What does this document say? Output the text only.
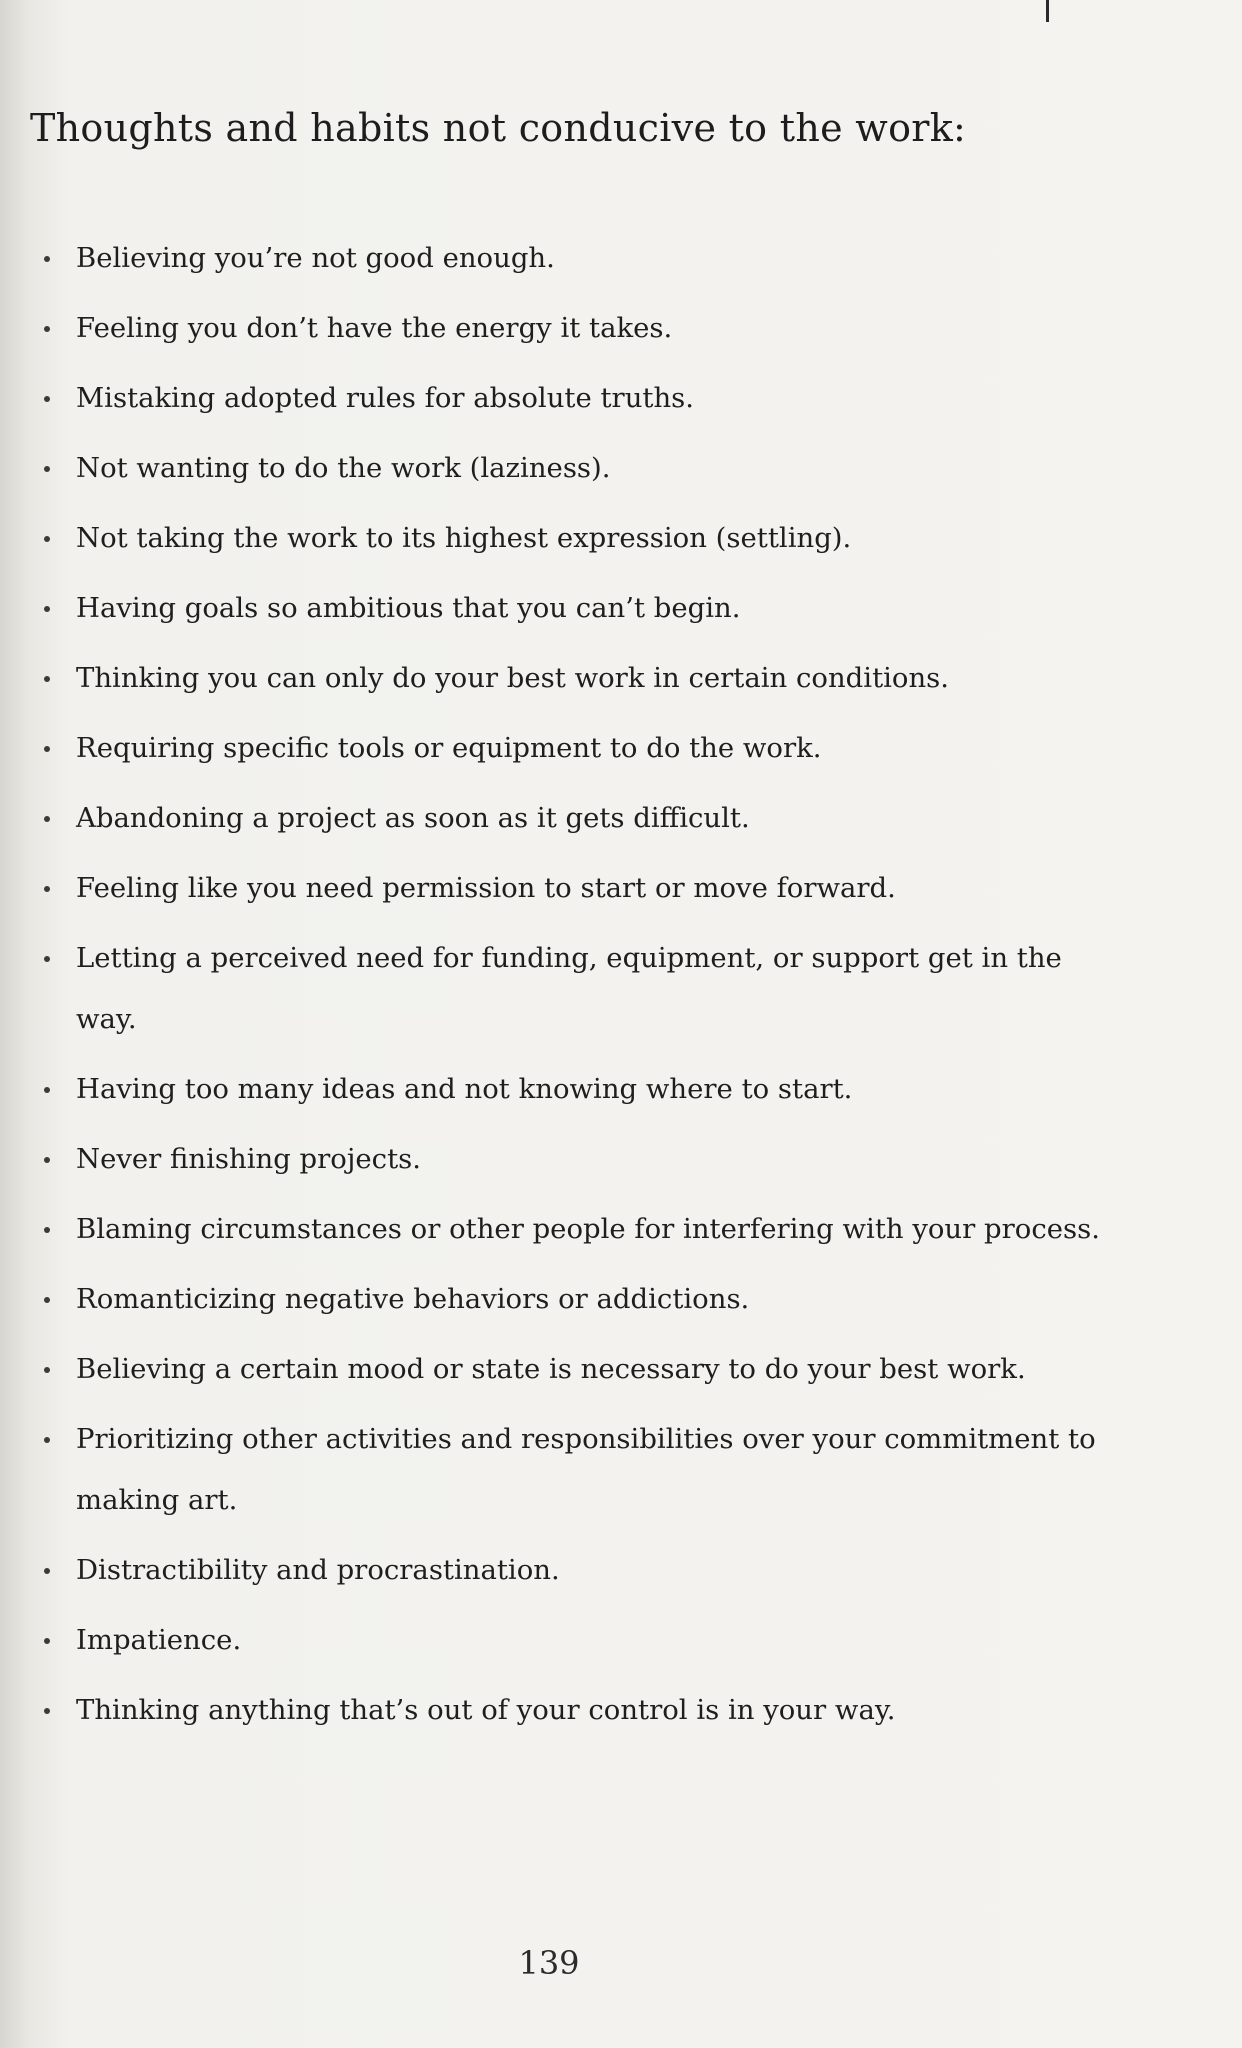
Thoughts and habits not conducive to the work:
Believing you’re not good enough.
Feeling you don’t have the energy it takes.
Mistaking adopted rules for absolute truths.
Not wanting to do the work (laziness).
Not taking the work to its highest expression (settling).
Having goals so ambitious that you can’t begin.
Thinking you can only do your best work in certain conditions.
Requiring specific tools or equipment to do the work.
Abandoning a project as soon as it gets difficult.
Feeling like you need permission to start or move forward.
Letting a perceived need for funding, equipment, or support get in the way.
Having too many ideas and not knowing where to start.
Never finishing projects.
Blaming circumstances or other people for interfering with your process.
Romanticizing negative behaviors or addictions.
Believing a certain mood or state is necessary to do your best work.
Prioritizing other activities and responsibilities over your commitment to making art.
Distractibility and procrastination.
Impatience.
Thinking anything that’s out of your control is in your way.
139
